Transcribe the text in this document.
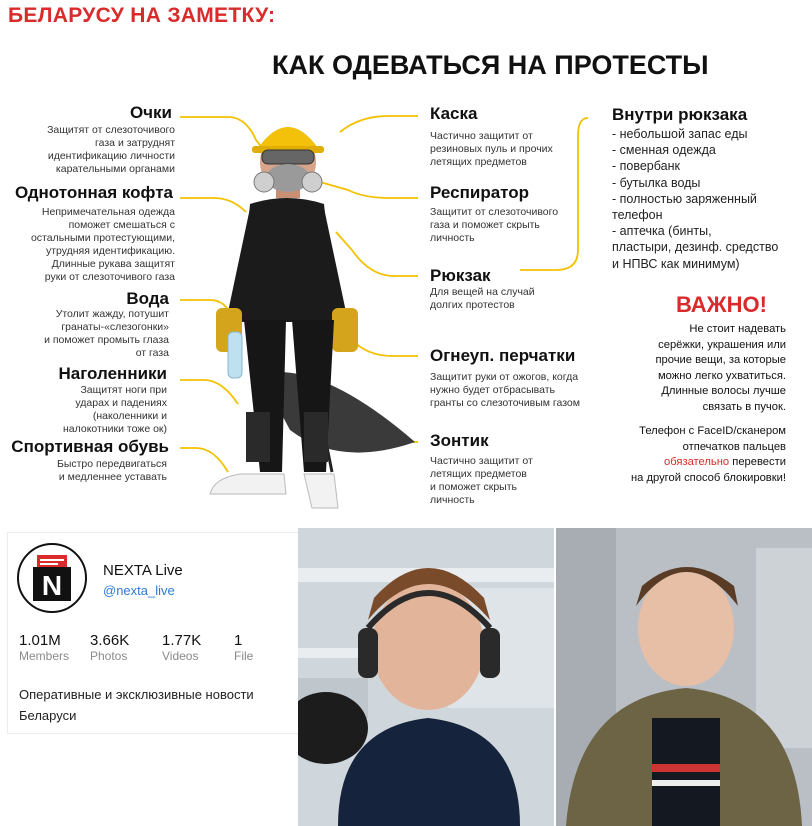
БЕЛАРУСУ НА ЗАМЕТКУ:
КАК ОДЕВАТЬСЯ НА ПРОТЕСТЫ
Очки
Защитят от слезоточивого
газа и затруднят
идентификацию личности
карательными органами
Однотонная кофта
Непримечательная одежда
поможет смешаться с
остальными протестующими,
утрудняя идентификацию.
Длинные рукава защитят
руки от слезоточивого газа
Вода
Утолит жажду, потушит
гранаты-«слезогонки»
и поможет промыть глаза
от газа
Наголенники
Защитят ноги при
ударах и падениях
(наколенники и
налокотники тоже ок)
Спортивная обувь
Быстро передвигаться
и медленнее уставать
Каска
Частично защитит от
резиновых пуль и прочих
летящих предметов
Респиратор
Защитит от слезоточивого
газа и поможет скрыть
личность
Рюкзак
Для вещей на случай
долгих протестов
Огнеуп. перчатки
Защитит руки от ожогов, когда
нужно будет отбрасывать
гранты со слезоточивым газом
Зонтик
Частично защитит от
летящих предметов
и поможет скрыть
личность
Внутри рюкзака
- небольшой запас еды
- сменная одежда
- повербанк
- бутылка воды
- полностью заряженный
телефон
- аптечка (бинты,
пластыри, дезинф. средство
и НПВС как минимум)
ВАЖНО!
Не стоит надевать
серёжки, украшения или
прочие вещи, за которые
можно легко ухватиться.
Длинные волосы лучше
связать в пучок.
Телефон с FaceID/сканером
отпечатков пальцев
обязательно перевести
на другой способ блокировки!
N	NEXTA Live
@nexta_live
1.01M
Members
3.66K
Photos
1.77K
Videos
1
File
Оперативные и эксклюзивные новости Беларуси
